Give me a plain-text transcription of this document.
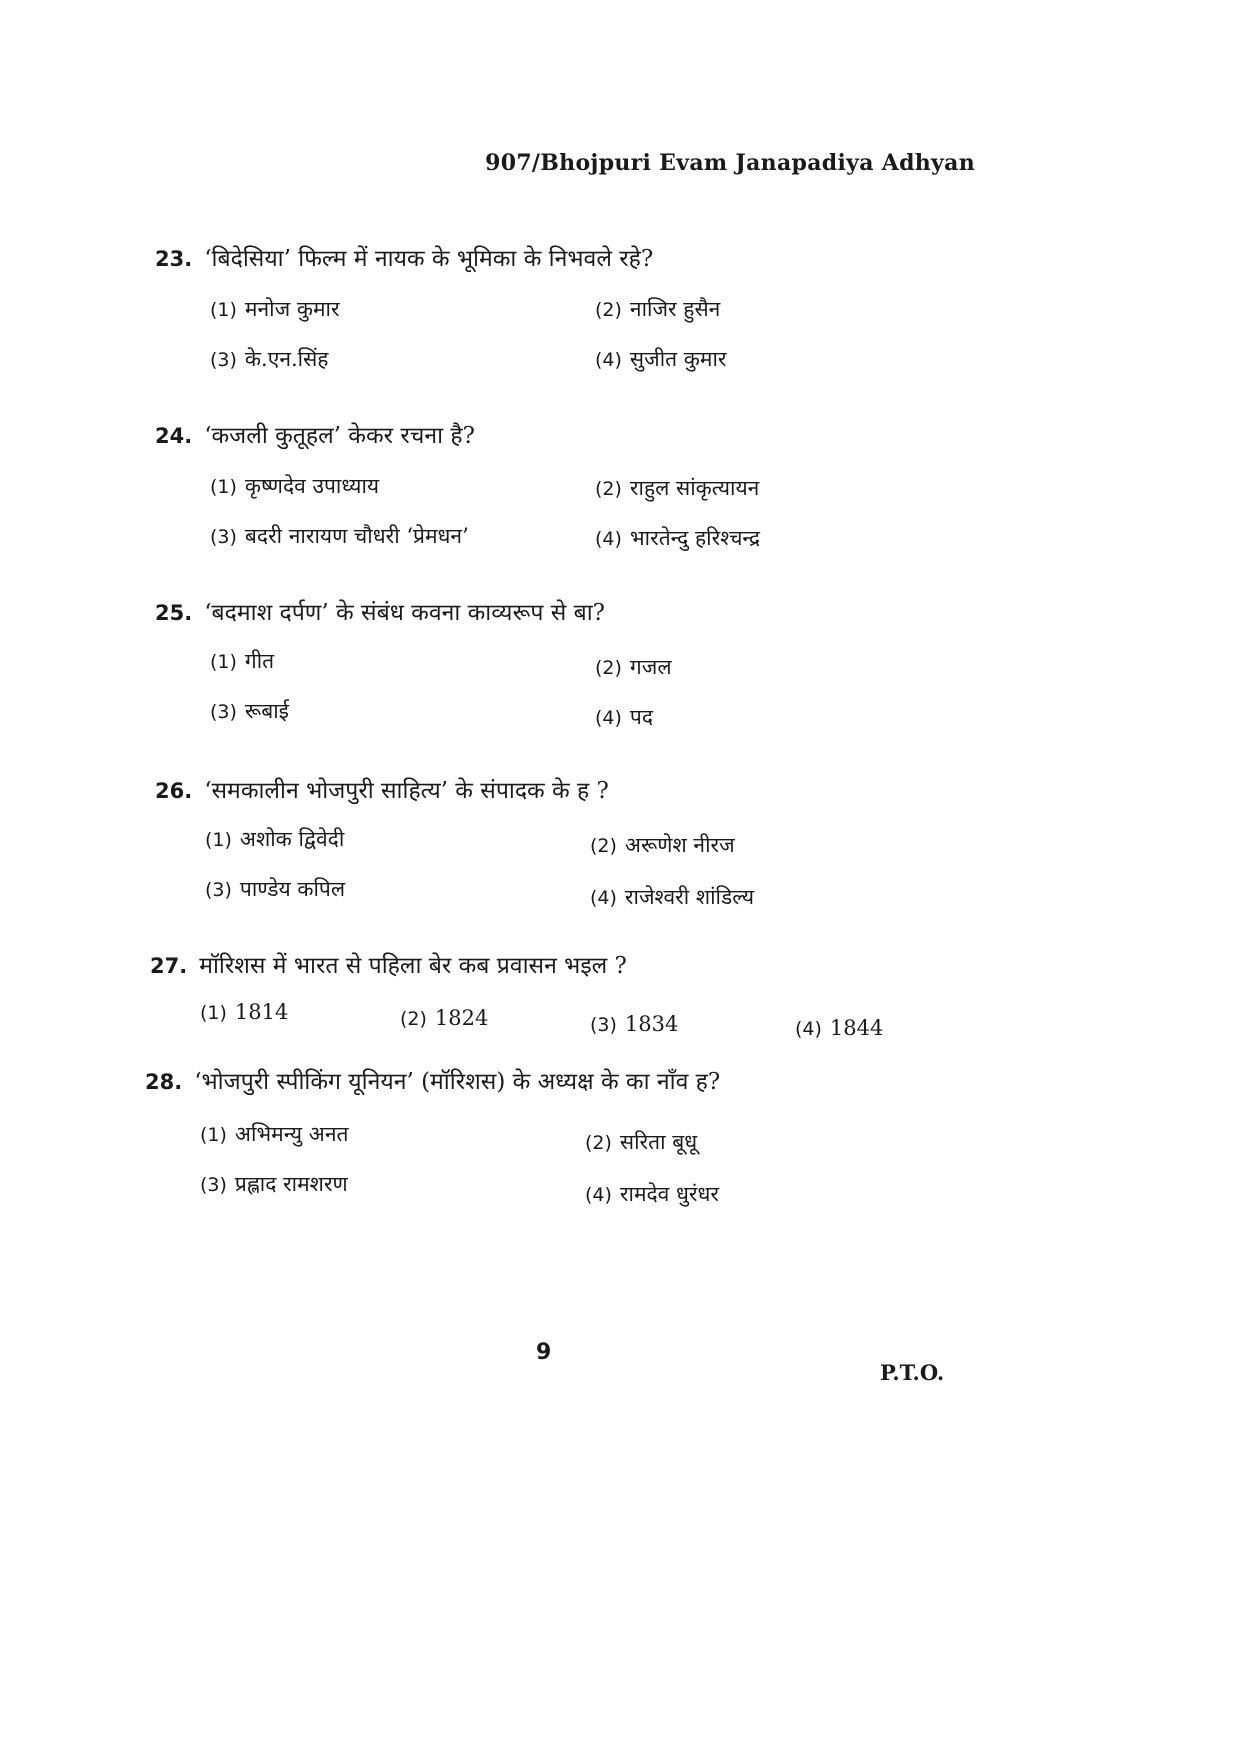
907/Bhojpuri Evam Janapadiya Adhyan
23. ‘बिदेसिया’ फिल्म में नायक के भूमिका के निभवले रहे?
(1) मनोज कुमार	(2) नाजिर हुसैन
(3) के.एन.सिंह	(4) सुजीत कुमार
24. ‘कजली कुतूहल’ केकर रचना है?
(1) कृष्णदेव उपाध्याय	(2) राहुल सांकृत्यायन
(3) बदरी नारायण चौधरी ‘प्रेमधन’	(4) भारतेन्दु हरिश्चन्द्र
25. ‘बदमाश दर्पण’ के संबंध कवना काव्यरूप से बा?
(1) गीत	(2) गजल
(3) रूबाई	(4) पद
26. ‘समकालीन भोजपुरी साहित्य’ के संपादक के ह ?
(1) अशोक द्विवेदी	(2) अरूणेश नीरज
(3) पाण्डेय कपिल	(4) राजेश्वरी शांडिल्य
27. मॉरिशस में भारत से पहिला बेर कब प्रवासन भइल ?
(1) 1814	(2) 1824	(3) 1834	(4) 1844
28. ‘भोजपुरी स्पीकिंग यूनियन’ (मॉरिशस) के अध्यक्ष के का नाँव ह?
(1) अभिमन्यु अनत	(2) सरिता बूधू
(3) प्रह्लाद रामशरण	(4) रामदेव धुरंधर
9
P.T.O.
